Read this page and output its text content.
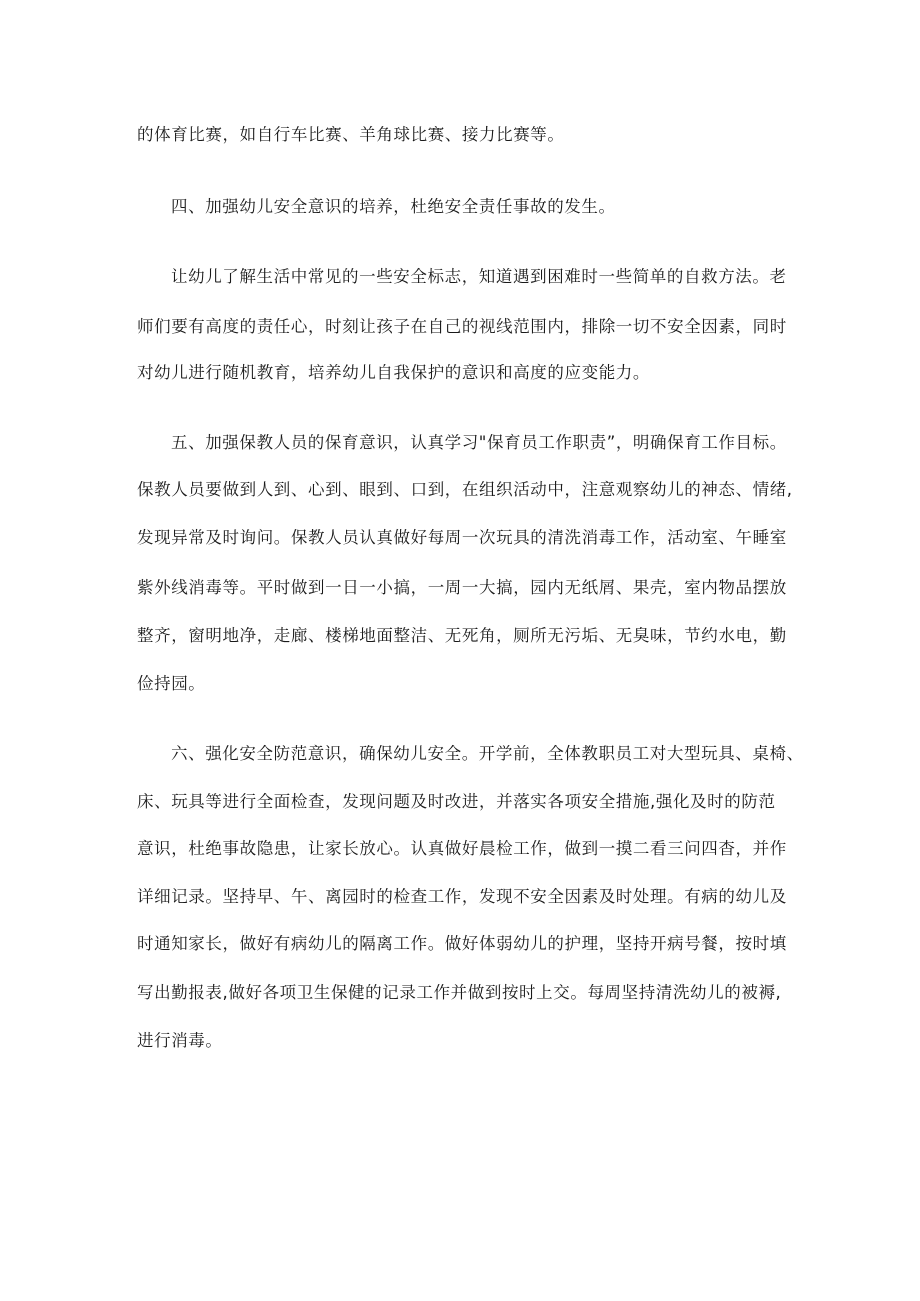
的体育比赛，如自行车比赛、羊角球比赛、接力比赛等。
四、加强幼儿安全意识的培养，杜绝安全责任事故的发生。
让幼儿了解生活中常见的一些安全标志，知道遇到困难时一些简单的自救方法。老
师们要有高度的责任心，时刻让孩子在自己的视线范围内，排除一切不安全因素，同时
对幼儿进行随机教育，培养幼儿自我保护的意识和高度的应变能力。
五、加强保教人员的保育意识，认真学习"保育员工作职责”，明确保育工作目标。
保教人员要做到人到、心到、眼到、口到，在组织活动中，注意观察幼儿的神态、情绪,
发现异常及时询问。保教人员认真做好每周一次玩具的清洗消毒工作，活动室、午睡室
紫外线消毒等。平时做到一日一小搞，一周一大搞，园内无纸屑、果壳，室内物品摆放
整齐，窗明地净，走廊、楼梯地面整洁、无死角，厕所无污垢、无臭味，节约水电，勤
俭持园。
六、强化安全防范意识，确保幼儿安全。开学前，全体教职员工对大型玩具、桌椅、
床、玩具等进行全面检查，发现问题及时改进，并落实各项安全措施,强化及时的防范
意识，杜绝事故隐患，让家长放心。认真做好晨检工作，做到一摸二看三问四杳，并作
详细记录。坚持早、午、离园时的检查工作，发现不安全因素及时处理。有病的幼儿及
时通知家长，做好有病幼儿的隔离工作。做好体弱幼儿的护理，坚持开病号餐，按时填
写出勤报表,做好各项卫生保健的记录工作并做到按时上交。每周坚持清洗幼儿的被褥,
进行消毒。
